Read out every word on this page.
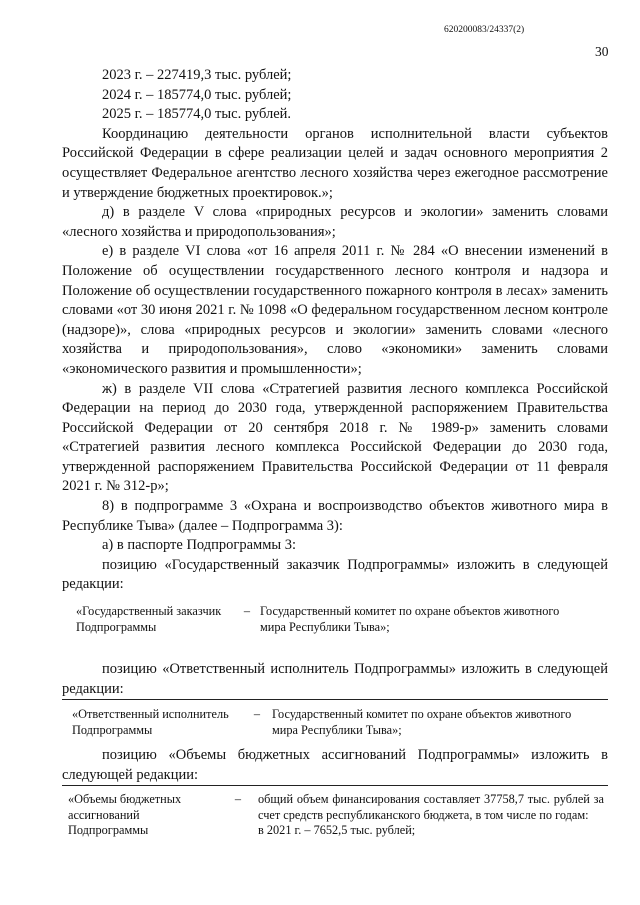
620200083/24337(2)
30

2023 г. – 227419,3 тыс. рублей;

2024 г. – 185774,0 тыс. рублей;

2025 г. – 185774,0 тыс. рублей.

Координацию деятельности органов исполнительной власти субъектов Российской Федерации в сфере реализации целей и задач основного мероприятия 2 осуществляет Федеральное агентство лесного хозяйства через ежегодное рассмотрение и утверждение бюджетных проектировок.»;

д) в разделе V слова «природных ресурсов и экологии» заменить словами «лесного хозяйства и природопользования»;

е) в разделе VI слова «от 16 апреля 2011 г. № 284 «О внесении изменений в Положение об осуществлении государственного лесного контроля и надзора и Положение об осуществлении государственного пожарного контроля в лесах» заменить словами «от 30 июня 2021 г. № 1098 «О федеральном государственном лесном контроле (надзоре)», слова «природных ресурсов и экологии» заменить словами «лесного хозяйства и природопользования», слово «экономики» заменить словами «экономического развития и промышленности»;

ж) в разделе VII слова «Стратегией развития лесного комплекса Российской Федерации на период до 2030 года, утвержденной распоряжением Правительства Российской Федерации от 20 сентября 2018 г. № 1989-р» заменить словами «Стратегией развития лесного комплекса Российской Федерации до 2030 года, утвержденной распоряжением Правительства Российской Федерации от 11 февраля 2021 г. № 312-р»;

8) в подпрограмме 3 «Охрана и воспроизводство объектов животного мира в Республике Тыва» (далее – Подпрограмма 3):

а) в паспорте Подпрограммы 3:

позицию «Государственный заказчик Подпрограммы» изложить в следующей редакции:

«Государственный заказчик Подпрограммы
– Государственный комитет по охране объектов животного мира Республики Тыва»;

позицию «Ответственный исполнитель Подпрограммы» изложить в следующей редакции:

«Ответственный исполнитель Подпрограммы
– Государственный комитет по охране объектов животного мира Республики Тыва»;

позицию «Объемы бюджетных ассигнований Подпрограммы» изложить в следующей редакции:

«Объемы бюджетных ассигнований Подпрограммы
–	общий объем финансирования составляет 37758,7 тыс. рублей за счет средств республиканского бюджета, в том числе по годам:
в 2021 г. – 7652,5 тыс. рублей;
